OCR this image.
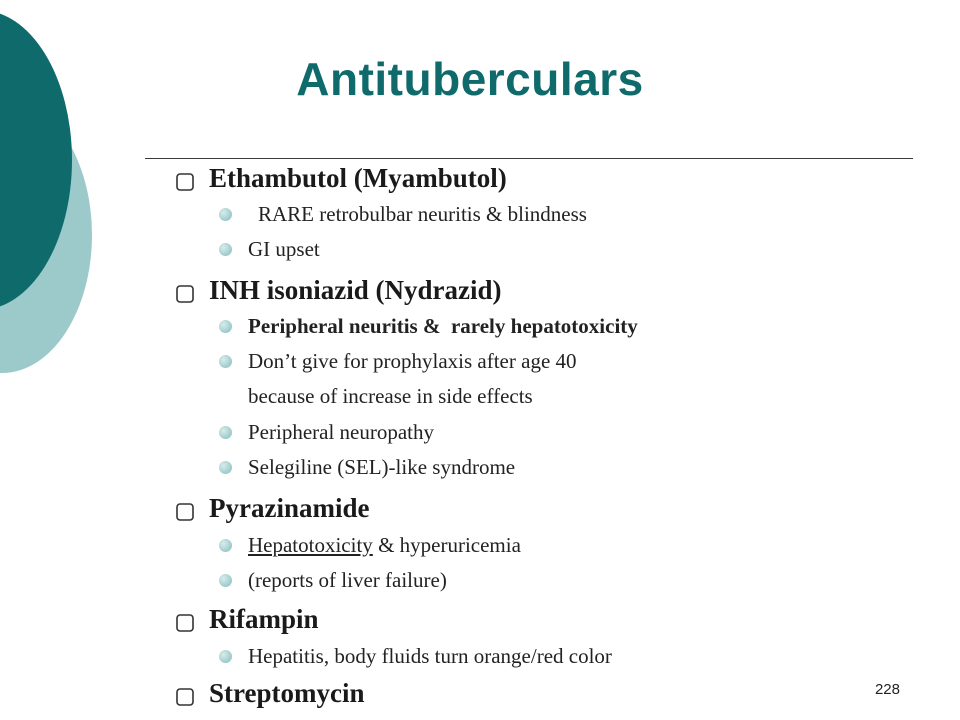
Antituberculars
Ethambutol (Myambutol)
RARE retrobulbar neuritis & blindness
GI upset
INH isoniazid (Nydrazid)
Peripheral neuritis &  rarely hepatotoxicity
Don’t give for prophylaxis after age 40
because of increase in side effects
Peripheral neuropathy
Selegiline (SEL)-like syndrome
Pyrazinamide
Hepatotoxicity & hyperuricemia
(reports of liver failure)
Rifampin
Hepatitis, body fluids turn orange/red color
Streptomycin	228
